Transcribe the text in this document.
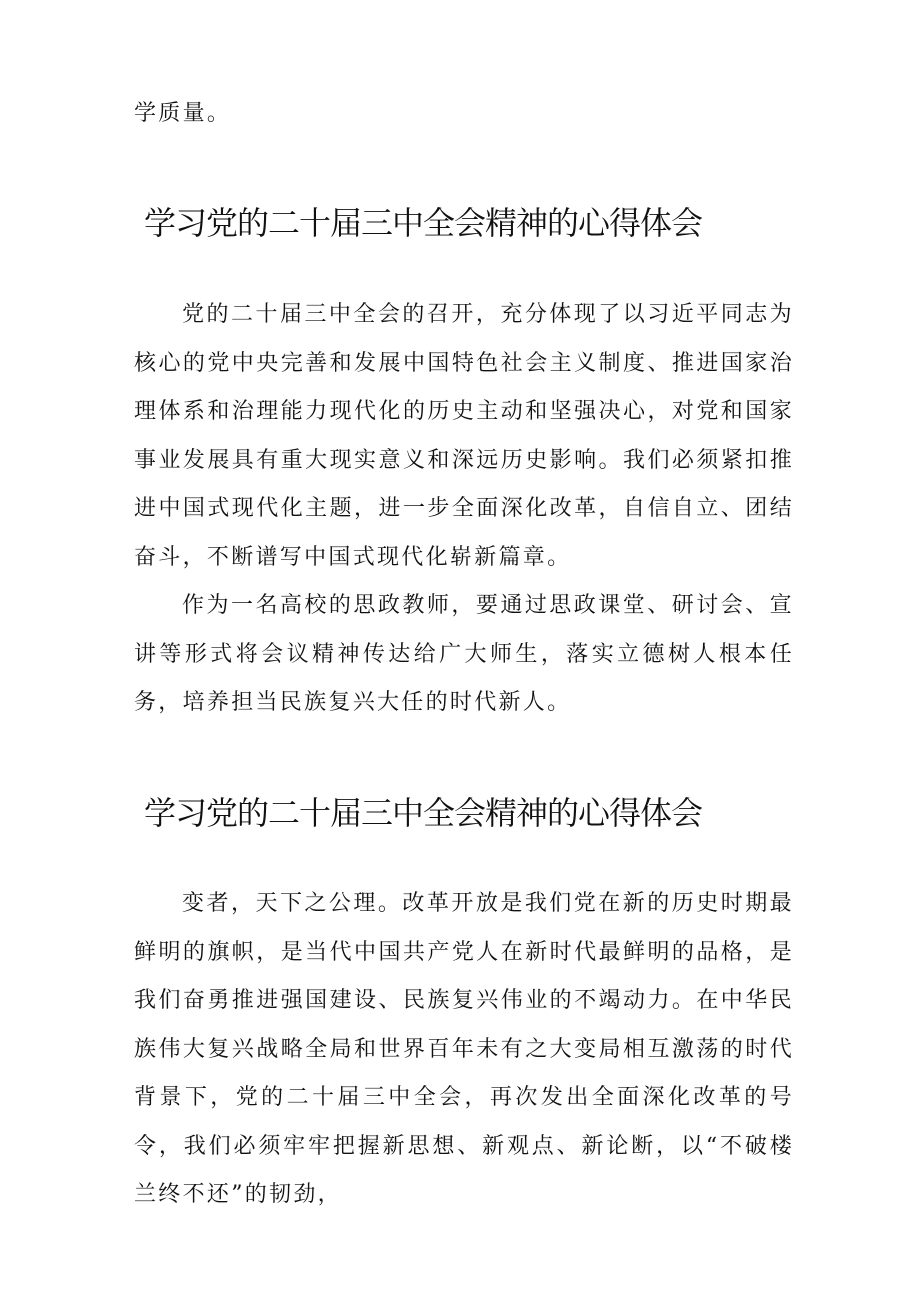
学质量。

学习党的二十届三中全会精神的心得体会

党的二十届三中全会的召开，充分体现了以习近平同志为核心的党中央完善和发展中国特色社会主义制度、推进国家治理体系和治理能力现代化的历史主动和坚强决心，对党和国家事业发展具有重大现实意义和深远历史影响。我们必须紧扣推进中国式现代化主题，进一步全面深化改革，自信自立、团结奋斗，不断谱写中国式现代化崭新篇章。

作为一名高校的思政教师，要通过思政课堂、研讨会、宣讲等形式将会议精神传达给广大师生，落实立德树人根本任务，培养担当民族复兴大任的时代新人。

学习党的二十届三中全会精神的心得体会

变者，天下之公理。改革开放是我们党在新的历史时期最鲜明的旗帜，是当代中国共产党人在新时代最鲜明的品格，是我们奋勇推进强国建设、民族复兴伟业的不竭动力。在中华民族伟大复兴战略全局和世界百年未有之大变局相互激荡的时代背景下，党的二十届三中全会，再次发出全面深化改革的号令，我们必须牢牢把握新思想、新观点、新论断，以“不破楼兰终不还”的韧劲，
